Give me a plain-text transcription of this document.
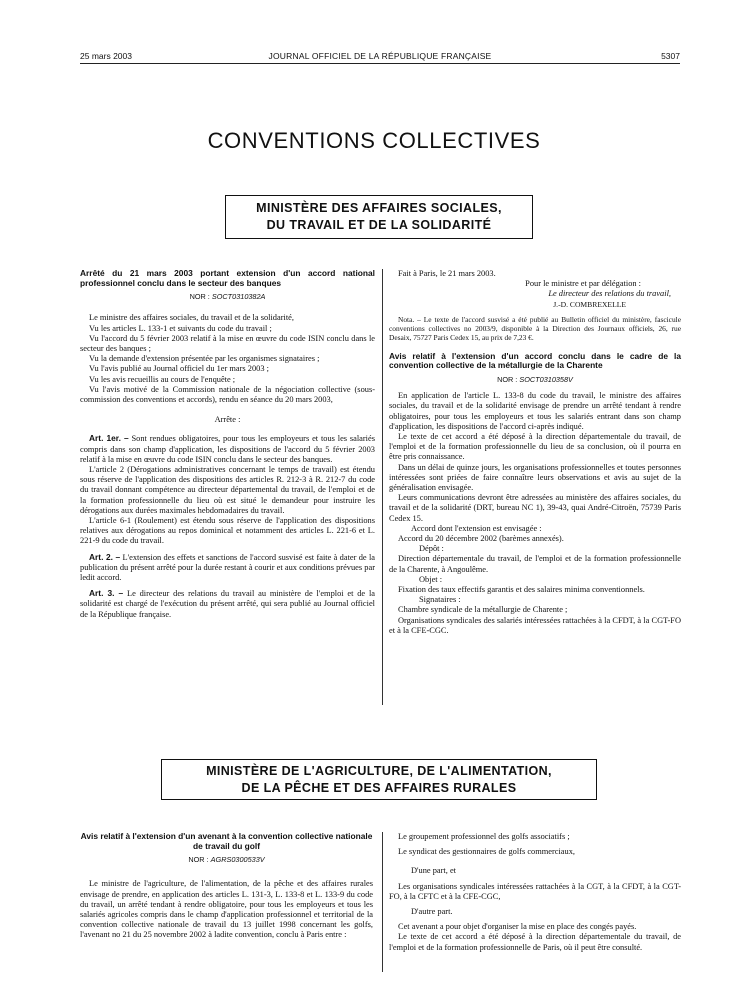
25 mars 2003	JOURNAL OFFICIEL DE LA RÉPUBLIQUE FRANÇAISE	5307
CONVENTIONS COLLECTIVES
MINISTÈRE DES AFFAIRES SOCIALES,
DU TRAVAIL ET DE LA SOLIDARITÉ

Arrêté du 21 mars 2003 portant extension d'un accord national professionnel conclu dans le secteur des banques

NOR : SOCT0310382A

Le ministre des affaires sociales, du travail et de la solidarité,

Vu les articles L. 133-1 et suivants du code du travail ;

Vu l'accord du 5 février 2003 relatif à la mise en œuvre du code ISIN conclu dans le secteur des banques ;

Vu la demande d'extension présentée par les organismes signataires ;

Vu l'avis publié au Journal officiel du 1er mars 2003 ;

Vu les avis recueillis au cours de l'enquête ;

Vu l'avis motivé de la Commission nationale de la négociation collective (sous-commission des conventions et accords), rendu en séance du 20 mars 2003,

Arrête :

Art. 1er. – Sont rendues obligatoires, pour tous les employeurs et tous les salariés compris dans son champ d'application, les dispositions de l'accord du 5 février 2003 relatif à la mise en œuvre du code ISIN conclu dans le secteur des banques.

L'article 2 (Dérogations administratives concernant le temps de travail) est étendu sous réserve de l'application des dispositions des articles R. 212-3 à R. 212-7 du code du travail donnant compétence au directeur départemental du travail, de l'emploi et de la formation professionnelle du lieu où est situé le demandeur pour instruire les dérogations aux durées maximales hebdomadaires du travail.

L'article 6-1 (Roulement) est étendu sous réserve de l'application des dispositions relatives aux dérogations au repos dominical et notamment des articles L. 221-6 et L. 221-9 du code du travail.

Art. 2. – L'extension des effets et sanctions de l'accord susvisé est faite à dater de la publication du présent arrêté pour la durée restant à courir et aux conditions prévues par ledit accord.

Art. 3. – Le directeur des relations du travail au ministère de l'emploi et de la solidarité est chargé de l'exécution du présent arrêté, qui sera publié au Journal officiel de la République française.

Fait à Paris, le 21 mars 2003.

Pour le ministre et par délégation :

Le directeur des relations du travail,

J.-D. COMBREXELLE

Nota. – Le texte de l'accord susvisé a été publié au Bulletin officiel du ministère, fascicule conventions collectives no 2003/9, disponible à la Direction des Journaux officiels, 26, rue Desaix, 75727 Paris Cedex 15, au prix de 7,23 €.

Avis relatif à l'extension d'un accord conclu dans le cadre de la convention collective de la métallurgie de la Charente

NOR : SOCT0310358V

En application de l'article L. 133-8 du code du travail, le ministre des affaires sociales, du travail et de la solidarité envisage de prendre un arrêté tendant à rendre obligatoires, pour tous les employeurs et tous les salariés entrant dans son champ d'application, les dispositions de l'accord ci-après indiqué.

Le texte de cet accord a été déposé à la direction départementale du travail, de l'emploi et de la formation professionnelle du lieu de sa conclusion, où il pourra en être pris connaissance.

Dans un délai de quinze jours, les organisations professionnelles et toutes personnes intéressées sont priées de faire connaître leurs observations et avis au sujet de la généralisation envisagée.

Leurs communications devront être adressées au ministère des affaires sociales, du travail et de la solidarité (DRT, bureau NC 1), 39-43, quai André-Citroën, 75739 Paris Cedex 15.

Accord dont l'extension est envisagée :

Accord du 20 décembre 2002 (barèmes annexés).

Dépôt :

Direction départementale du travail, de l'emploi et de la formation professionnelle de la Charente, à Angoulême.

Objet :

Fixation des taux effectifs garantis et des salaires minima conventionnels.

Signataires :

Chambre syndicale de la métallurgie de Charente ;

Organisations syndicales des salariés intéressées rattachées à la CFDT, à la CGT-FO et à la CFE-CGC.

MINISTÈRE DE L'AGRICULTURE, DE L'ALIMENTATION,
DE LA PÊCHE ET DES AFFAIRES RURALES

Avis relatif à l'extension d'un avenant à la convention collective nationale de travail du golf

NOR : AGRS0300533V

Le ministre de l'agriculture, de l'alimentation, de la pêche et des affaires rurales envisage de prendre, en application des articles L. 131-3, L. 133-8 et L. 133-9 du code du travail, un arrêté tendant à rendre obligatoire, pour tous les employeurs et tous les salariés agricoles compris dans le champ d'application professionnel et territorial de la convention collective nationale de travail du 13 juillet 1998 concernant les golfs, l'avenant no 21 du 25 novembre 2002 à ladite convention, conclu à Paris entre :

Le groupement professionnel des golfs associatifs ;

Le syndicat des gestionnaires de golfs commerciaux,

D'une part, et

Les organisations syndicales intéressées rattachées à la CGT, à la CFDT, à la CGT-FO, à la CFTC et à la CFE-CGC,

D'autre part.

Cet avenant a pour objet d'organiser la mise en place des congés payés.

Le texte de cet accord a été déposé à la direction départementale du travail, de l'emploi et de la formation professionnelle de Paris, où il peut être consulté.
